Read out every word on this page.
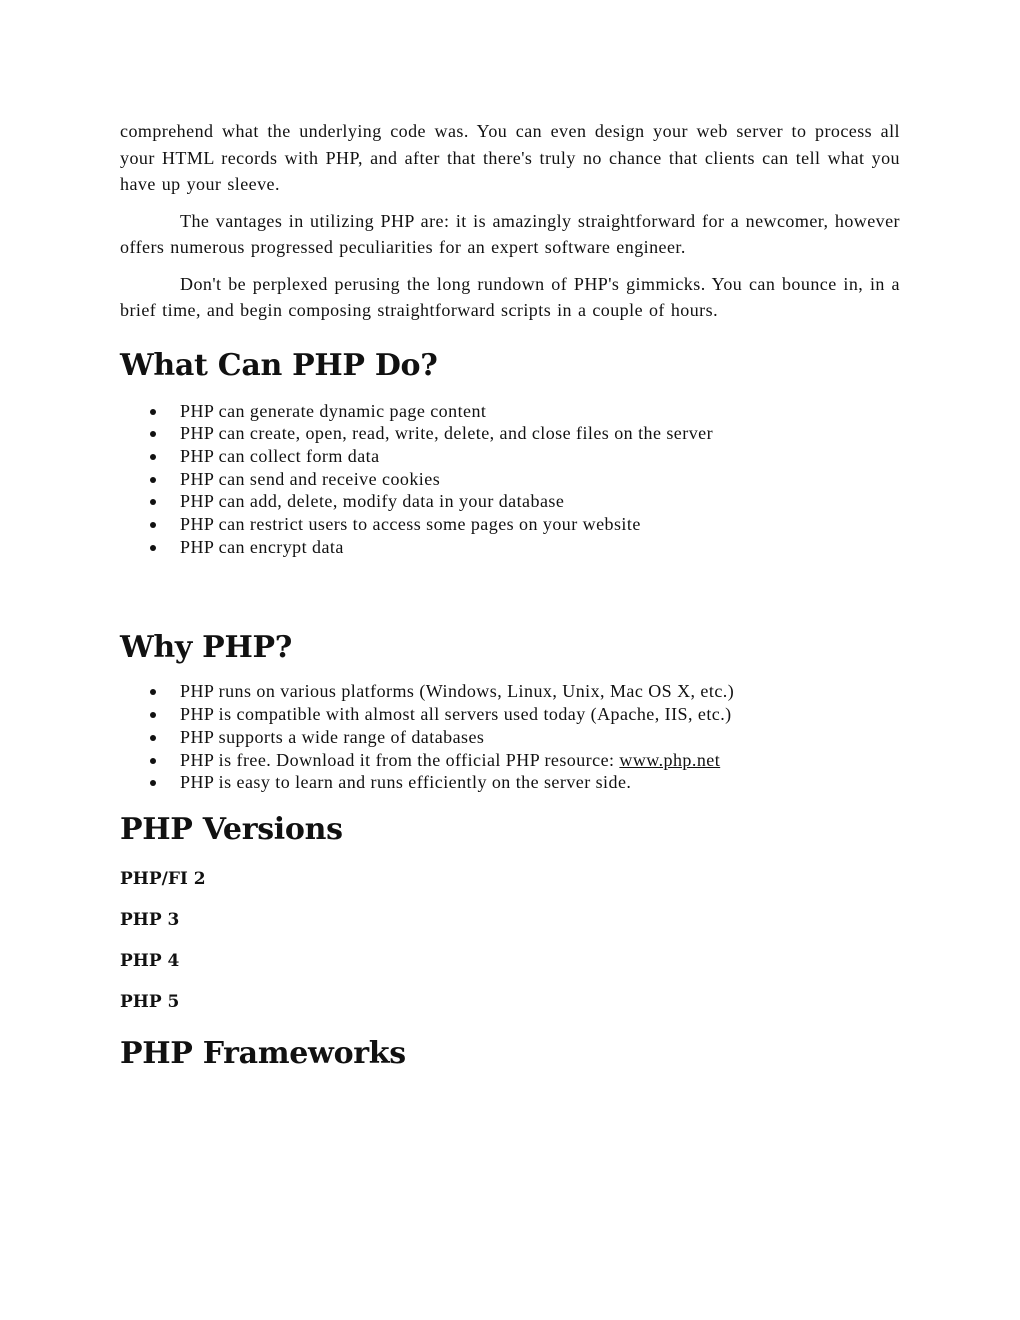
comprehend what the underlying code was. You can even design your web server to process all your HTML records with PHP, and after that there's truly no chance that clients can tell what you have up your sleeve.

The vantages in utilizing PHP are: it is amazingly straightforward for a newcomer, however offers numerous progressed peculiarities for an expert software engineer.

Don't be perplexed perusing the long rundown of PHP's gimmicks. You can bounce in, in a brief time, and begin composing straightforward scripts in a couple of hours.

What Can PHP Do?
PHP can generate dynamic page content
PHP can create, open, read, write, delete, and close files on the server
PHP can collect form data
PHP can send and receive cookies
PHP can add, delete, modify data in your database
PHP can restrict users to access some pages on your website
PHP can encrypt data
Why PHP?
PHP runs on various platforms (Windows, Linux, Unix, Mac OS X, etc.)
PHP is compatible with almost all servers used today (Apache, IIS, etc.)
PHP supports a wide range of databases
PHP is free. Download it from the official PHP resource: www.php.net
PHP is easy to learn and runs efficiently on the server side.
PHP Versions

PHP/FI 2

PHP 3

PHP 4

PHP 5

PHP Frameworks
